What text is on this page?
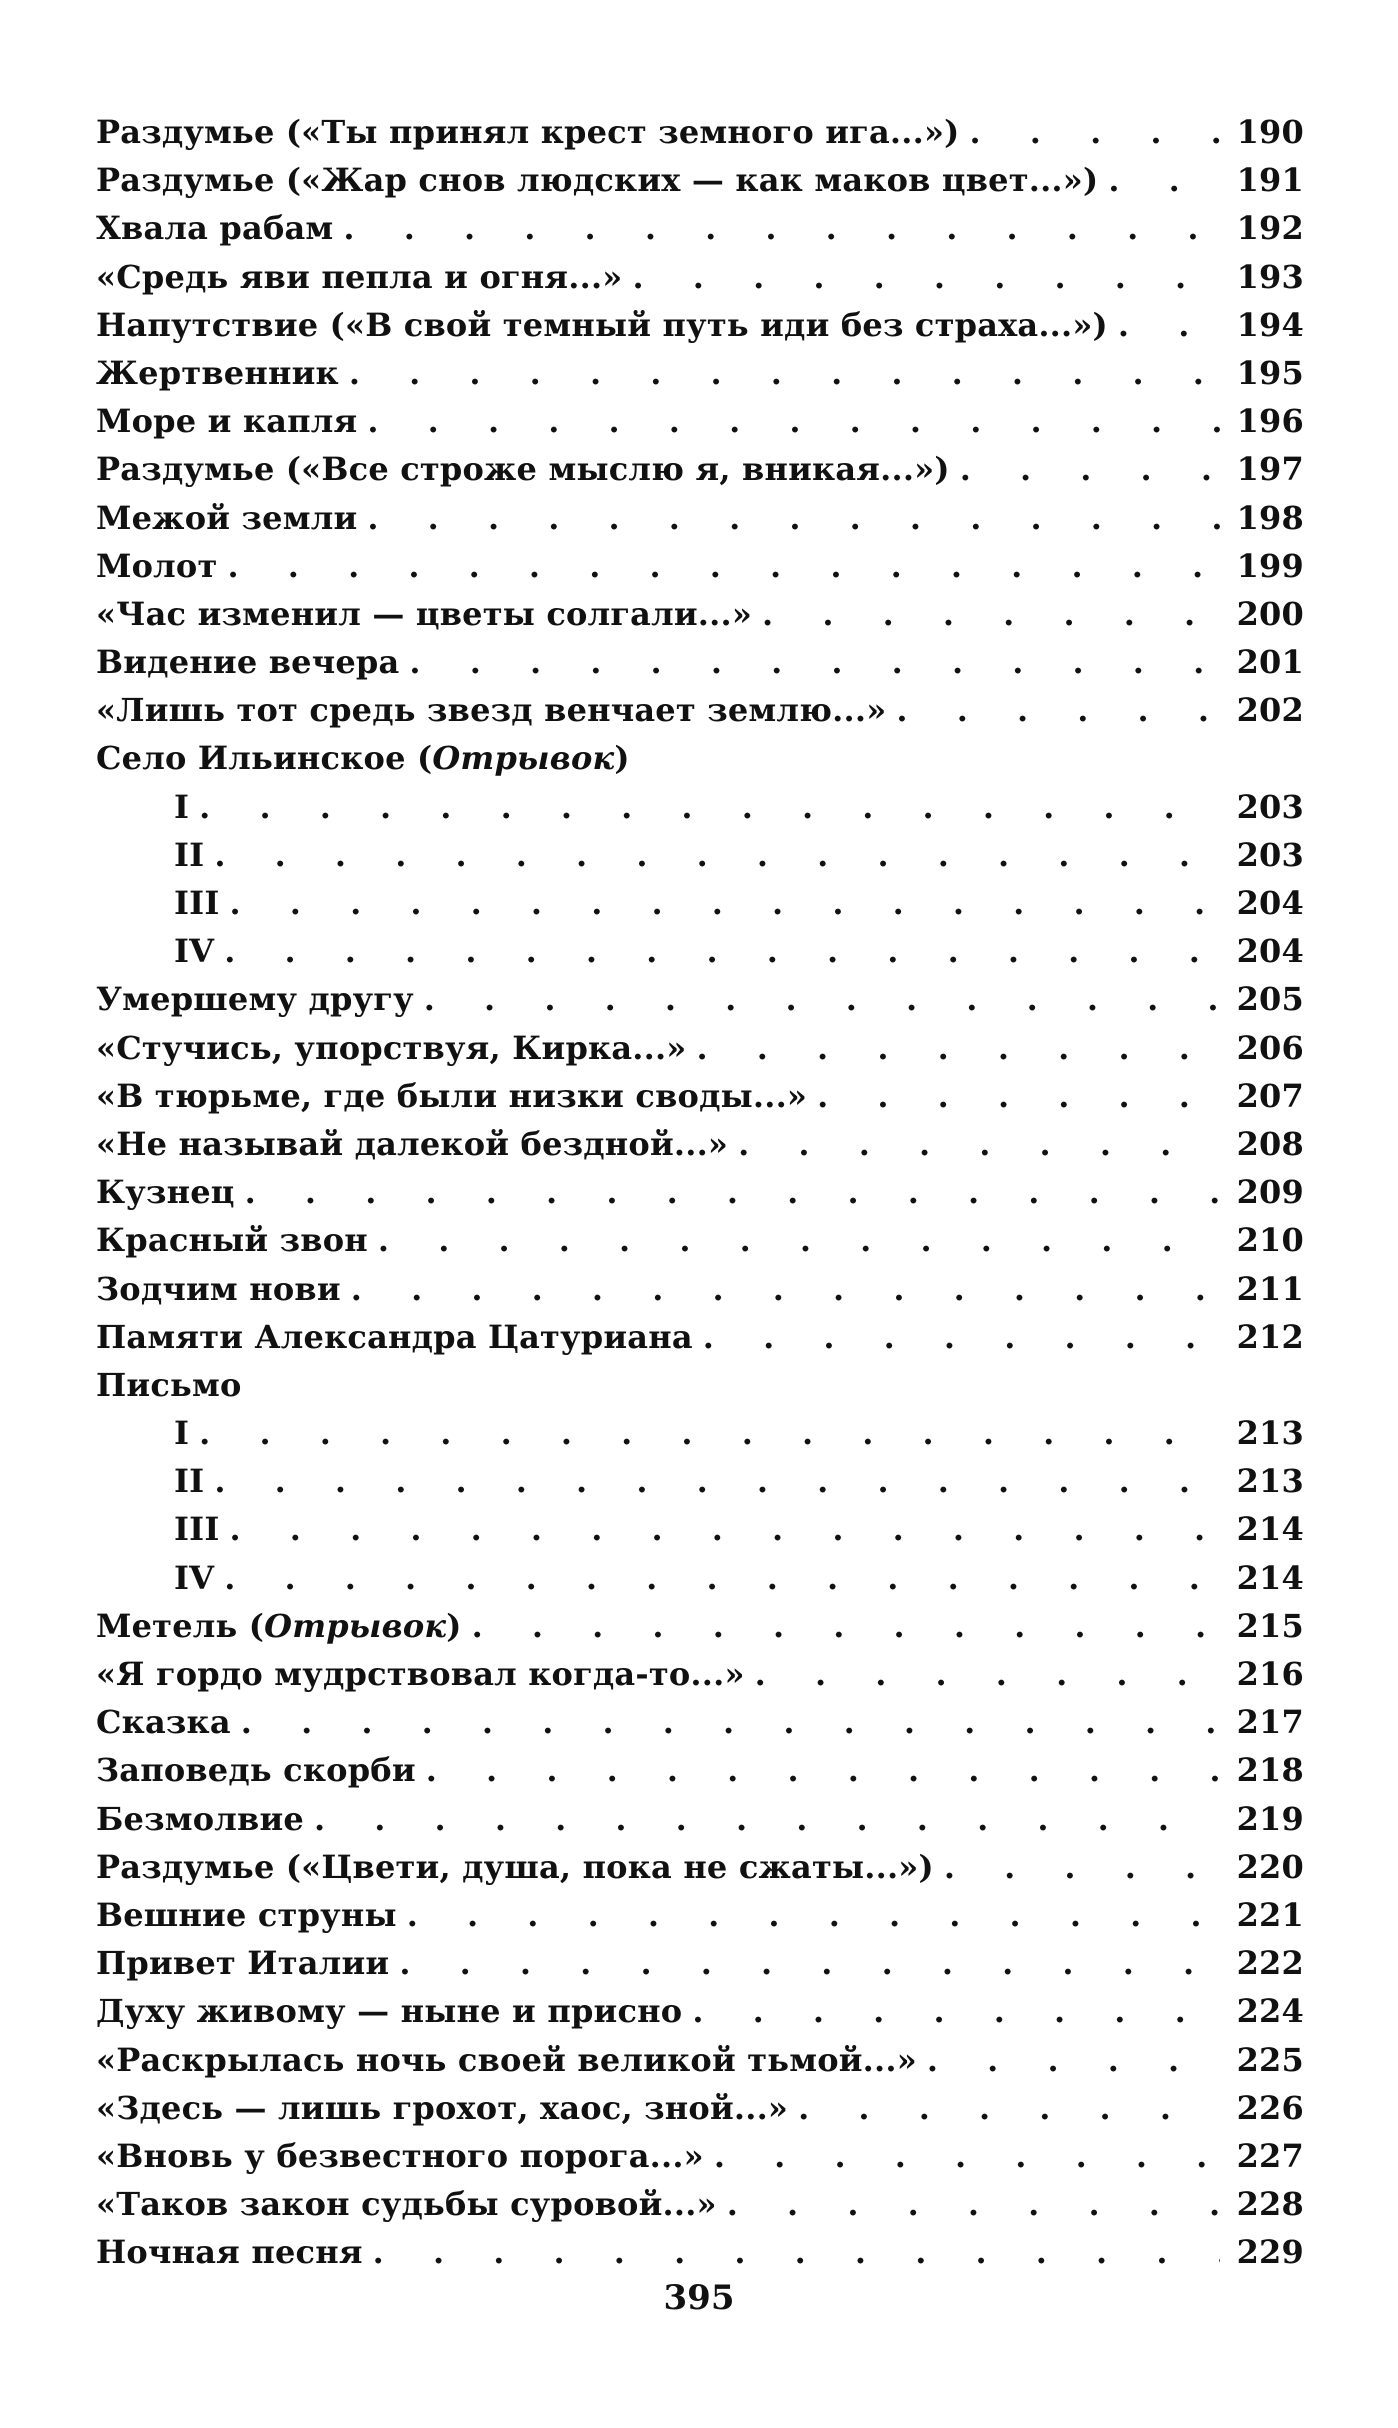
Раздумье («Ты принял крест земного ига...») . . .	190
Раздумье («Жар снов людских — как маков цвет...») . . .	191
Хвала рабам . . .	192
«Средь яви пепла и огня...» . . .	193
Напутствие («В свой темный путь иди без страха...») . . .	194
Жертвенник . . .	195
Море и капля . . .	196
Раздумье («Все строже мыслю я, вникая...») . . .	197
Межой земли . . .	198
Молот . . .	199
«Час изменил — цветы солгали...» . . .	200
Видение вечера . . .	201
«Лишь тот средь звезд венчает землю...» . . .	202
Село Ильинское (Отрывок)
I . . .	203
II . . .	203
III . . .	204
IV . . .	204
Умершему другу . . .	205
«Стучись, упорствуя, Кирка...» . . .	206
«В тюрьме, где были низки своды...» . . .	207
«Не называй далекой бездной...» . . .	208
Кузнец . . .	209
Красный звон . . .	210
Зодчим нови . . .	211
Памяти Александра Цатуриана . . .	212
Письмо
I . . .	213
II . . .	213
III . . .	214
IV . . .	214
Метель (Отрывок) . . .	215
«Я гордо мудрствовал когда-то...» . . .	216
Сказка . . .	217
Заповедь скорби . . .	218
Безмолвие . . .	219
Раздумье («Цвети, душа, пока не сжаты...») . . .	220
Вешние струны . . .	221
Привет Италии . . .	222
Духу живому — ныне и присно . . .	224
«Раскрылась ночь своей великой тьмой...» . . .	225
«Здесь — лишь грохот, хаос, зной...» . . .	226
«Вновь у безвестного порога...» . . .	227
«Таков закон судьбы суровой...» . . .	228
Ночная песня . . .	229
395
